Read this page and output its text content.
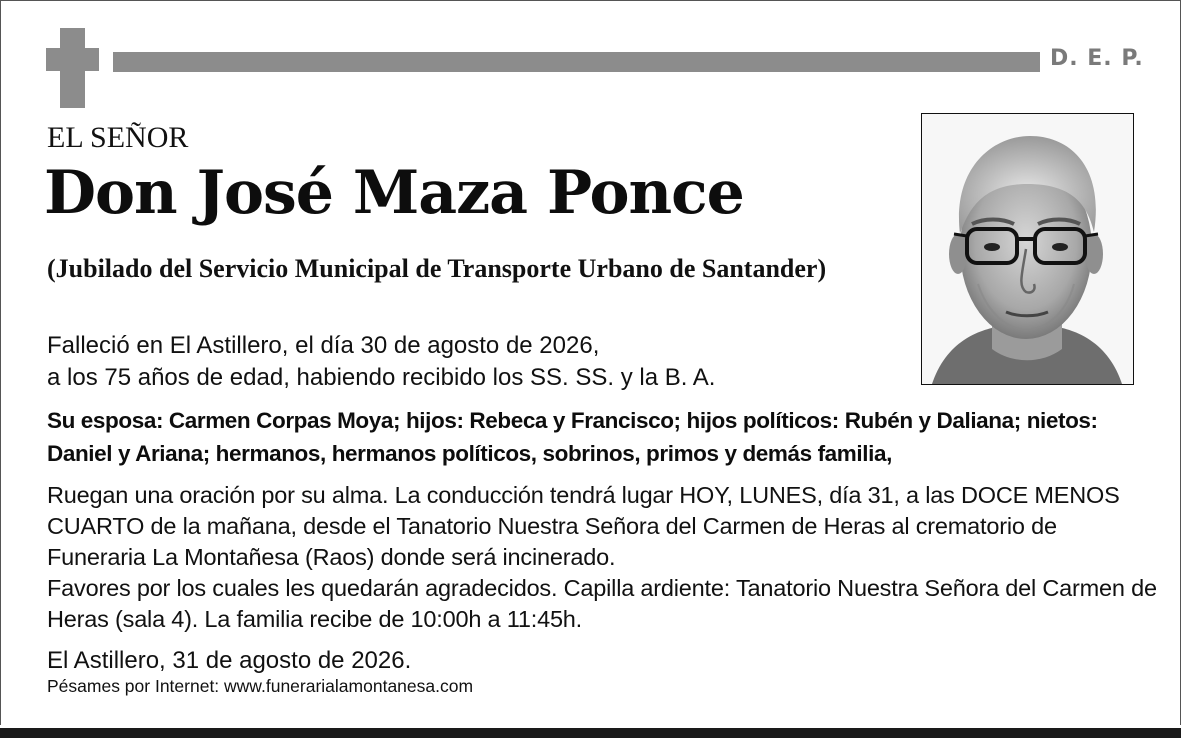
D. E. P.
EL SEÑOR
Don José Maza Ponce
(Jubilado del Servicio Municipal de Transporte Urbano de Santander)
Falleció en El Astillero, el día 30 de agosto de 2026,
a los 75 años de edad, habiendo recibido los SS. SS. y la B. A.
Su esposa: Carmen Corpas Moya; hijos: Rebeca y Francisco; hijos políticos: Rubén y Daliana; nietos: Daniel y Ariana; hermanos, hermanos políticos, sobrinos, primos y demás familia,

Ruegan una oración por su alma. La conducción tendrá lugar HOY, LUNES, día 31, a las DOCE MENOS CUARTO de la mañana, desde el Tanatorio Nuestra Señora del Carmen de Heras al crematorio de Funeraria La Montañesa (Raos) donde será incinerado.

Favores por los cuales les quedarán agradecidos. Capilla ardiente: Tanatorio Nuestra Señora del Carmen de Heras (sala 4). La familia recibe de 10:00h a 11:45h.

El Astillero, 31 de agosto de 2026.
Pésames por Internet: www.funerarialamontanesa.com
